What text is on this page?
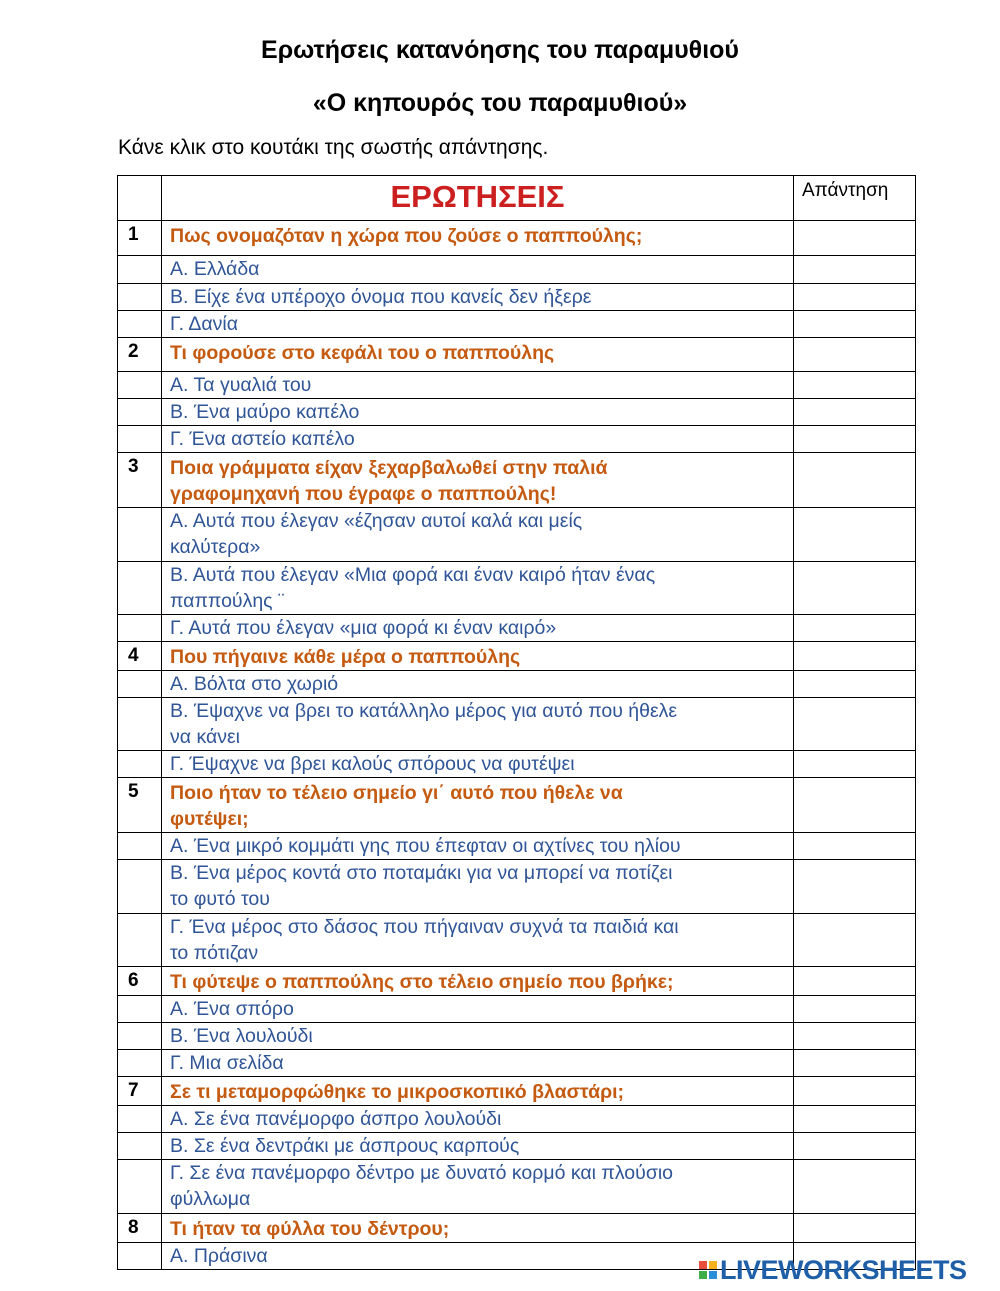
Ερωτήσεις κατανόησης του παραμυθιού
«Ο κηπουρός του παραμυθιού»
Κάνε κλικ στο κουτάκι της σωστής απάντησης.
	ΕΡΩΤΗΣΕΙΣ	Απάντηση
1	Πως ονομαζόταν η χώρα που ζούσε ο παππούλης;	
	Α. Ελλάδα	
	Β. Είχε ένα υπέροχο όνομα που κανείς δεν ήξερε	
	Γ. Δανία	
2	Τι φορούσε στο κεφάλι του ο παππούλης	
	Α. Τα γυαλιά του	
	Β. Ένα μαύρο καπέλο	
	Γ. Ένα αστείο καπέλο	
3	Ποια γράμματα είχαν ξεχαρβαλωθεί στην παλιά
γραφομηχανή που έγραφε ο παππούλης!	
	Α. Αυτά που έλεγαν «έζησαν αυτοί καλά και μείς
καλύτερα»	
	Β. Αυτά που έλεγαν «Μια φορά και έναν καιρό ήταν ένας
παππούλης ¨	
	Γ. Αυτά που έλεγαν «μια φορά κι έναν καιρό»	
4	Που πήγαινε κάθε μέρα ο παππούλης	
	Α. Βόλτα στο χωριό	
	Β. Έψαχνε να βρει το κατάλληλο μέρος για αυτό που ήθελε
να κάνει	
	Γ. Έψαχνε να βρει καλούς σπόρους να φυτέψει	
5	Ποιο ήταν το τέλειο σημείο γι΄ αυτό που ήθελε να
φυτέψει;	
	Α. Ένα μικρό κομμάτι γης που έπεφταν οι αχτίνες του ηλίου	
	Β. Ένα μέρος κοντά στο ποταμάκι για να μπορεί να ποτίζει
το φυτό του	
	Γ. Ένα μέρος στο δάσος που πήγαιναν συχνά τα παιδιά και
το πότιζαν	
6	Τι φύτεψε ο παππούλης στο τέλειο σημείο που βρήκε;	
	Α. Ένα σπόρο	
	Β. Ένα λουλούδι	
	Γ. Μια σελίδα	
7	Σε τι μεταμορφώθηκε το μικροσκοπικό βλαστάρι;	
	Α. Σε ένα πανέμορφο άσπρο λουλούδι	
	Β. Σε ένα δεντράκι με άσπρους καρπούς	
	Γ. Σε ένα πανέμορφο δέντρο με δυνατό κορμό και πλούσιο
φύλλωμα	
8	Τι ήταν τα φύλλα του δέντρου;	
	Α. Πράσινα		LIVEWORKSHEETS
